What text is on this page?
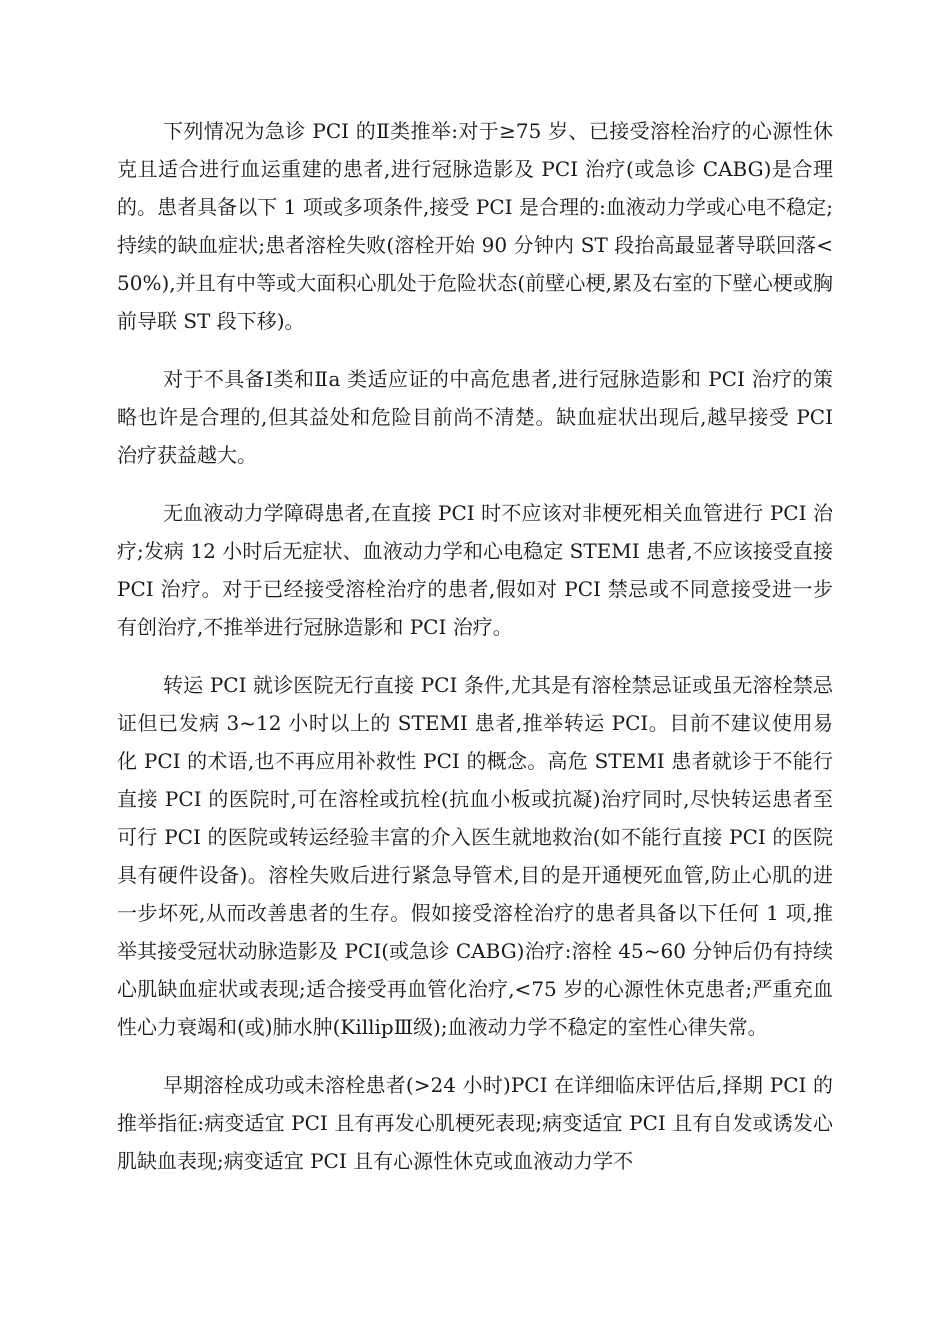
下列情况为急诊 PCI 的Ⅱ类推举:对于≥75 岁、已接受溶栓治疗的心源性休克且适合进行血运重建的患者,进行冠脉造影及 PCI 治疗(或急诊 CABG)是合理的。患者具备以下 1 项或多项条件,接受 PCI 是合理的:血液动力学或心电不稳定;持续的缺血症状;患者溶栓失败(溶栓开始 90 分钟内 ST 段抬高最显著导联回落<50%),并且有中等或大面积心肌处于危险状态(前壁心梗,累及右室的下壁心梗或胸前导联 ST 段下移)。

对于不具备Ⅰ类和Ⅱa 类适应证的中高危患者,进行冠脉造影和 PCI 治疗的策略也许是合理的,但其益处和危险目前尚不清楚。缺血症状出现后,越早接受 PCI 治疗获益越大。

无血液动力学障碍患者,在直接 PCI 时不应该对非梗死相关血管进行 PCI 治疗;发病 12 小时后无症状、血液动力学和心电稳定 STEMI 患者,不应该接受直接 PCI 治疗。对于已经接受溶栓治疗的患者,假如对 PCI 禁忌或不同意接受进一步有创治疗,不推举进行冠脉造影和 PCI 治疗。

转运 PCI 就诊医院无行直接 PCI 条件,尤其是有溶栓禁忌证或虽无溶栓禁忌证但已发病 3~12 小时以上的 STEMI 患者,推举转运 PCI。目前不建议使用易化 PCI 的术语,也不再应用补救性 PCI 的概念。高危 STEMI 患者就诊于不能行直接 PCI 的医院时,可在溶栓或抗栓(抗血小板或抗凝)治疗同时,尽快转运患者至可行 PCI 的医院或转运经验丰富的介入医生就地救治(如不能行直接 PCI 的医院具有硬件设备)。溶栓失败后进行紧急导管术,目的是开通梗死血管,防止心肌的进一步坏死,从而改善患者的生存。假如接受溶栓治疗的患者具备以下任何 1 项,推举其接受冠状动脉造影及 PCI(或急诊 CABG)治疗:溶栓 45~60 分钟后仍有持续心肌缺血症状或表现;适合接受再血管化治疗,<75 岁的心源性休克患者;严重充血性心力衰竭和(或)肺水肿(KillipⅢ级);血液动力学不稳定的室性心律失常。

早期溶栓成功或未溶栓患者(>24 小时)PCI 在详细临床评估后,择期 PCI 的推举指征:病变适宜 PCI 且有再发心肌梗死表现;病变适宜 PCI 且有自发或诱发心肌缺血表现;病变适宜 PCI 且有心源性休克或血液动力学不
